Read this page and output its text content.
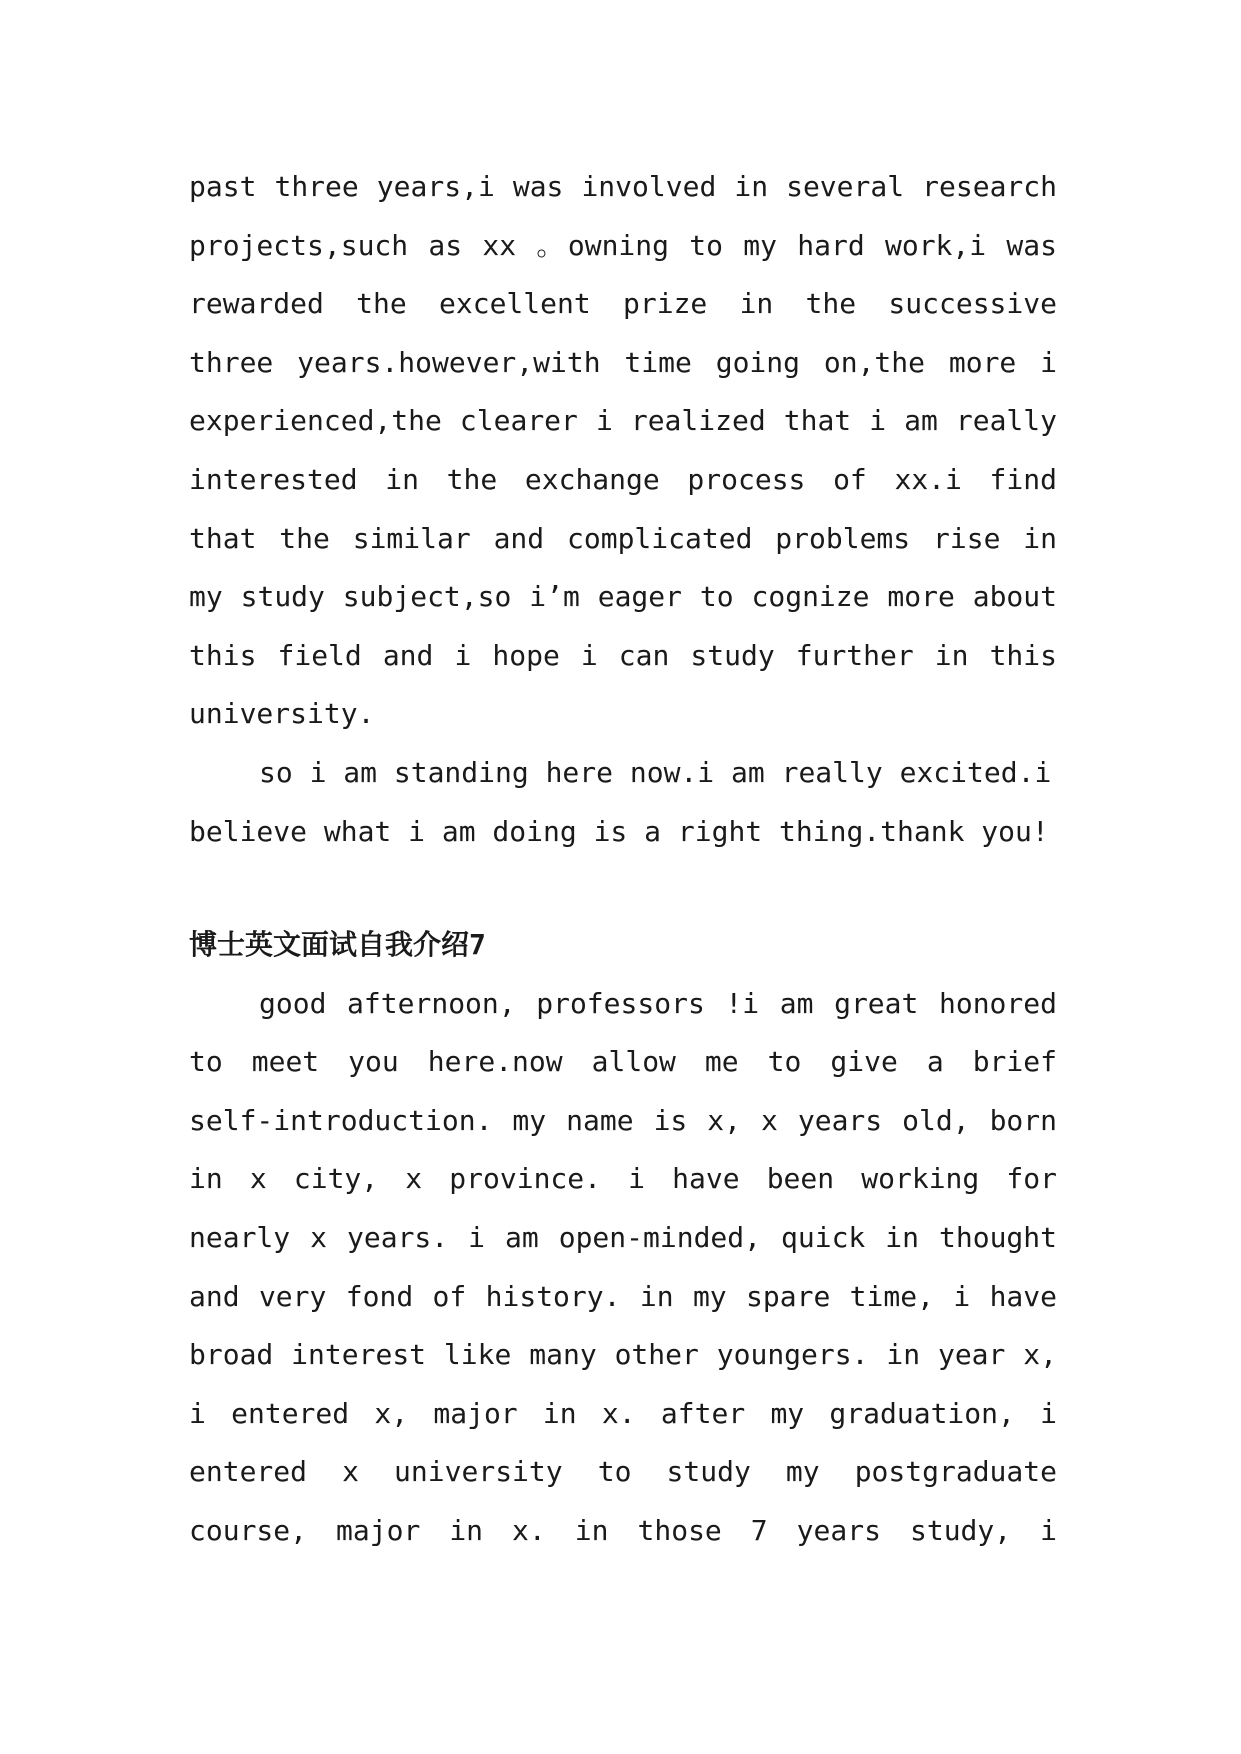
past three years,i was involved in several research
projects,such as xx 。owning to my hard work,i was
rewarded the excellent prize in the successive
three years.however,with time going on,the more i
experienced,the clearer i realized that i am really
interested in the exchange process of xx.i find
that the similar and complicated problems rise in
my study subject,so i’m eager to cognize more about
this field and i hope i can study further in this
university.

so i am standing here now.i am really excited.i
believe what i am doing is a right thing.thank you!

博士英文面试自我介绍7

good afternoon, professors !i am great honored
to meet you here.now allow me to give a brief
self-introduction. my name is x, x years old, born
in x city, x province. i have been working for
nearly x years. i am open-minded, quick in thought
and very fond of history. in my spare time, i have
broad interest like many other youngers. in year x,
i entered x, major in x. after my graduation, i
entered x university to study my postgraduate
course, major in x. in those 7 years study, i
